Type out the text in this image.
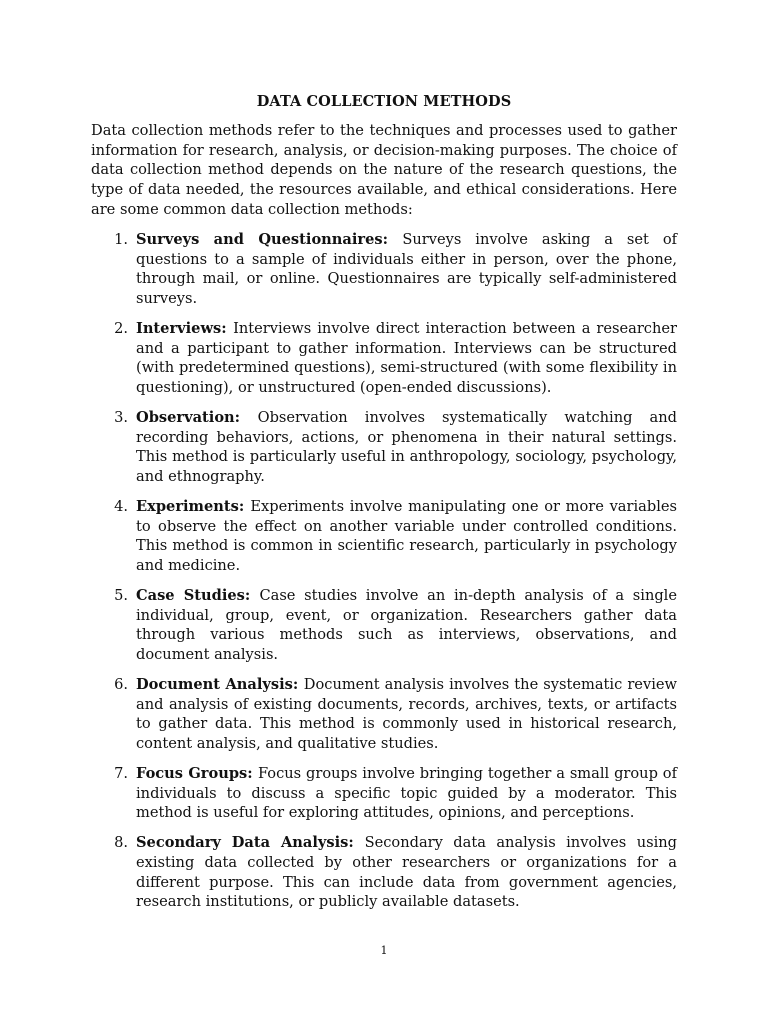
DATA COLLECTION METHODS

Data collection methods refer to the techniques and processes used to gather information for research, analysis, or decision-making purposes. The choice of data collection method depends on the nature of the research questions, the type of data needed, the resources available, and ethical considerations. Here are some common data collection methods:

1. Surveys and Questionnaires: Surveys involve asking a set of questions to a sample of individuals either in person, over the phone, through mail, or online. Questionnaires are typically self-administered surveys.
2. Interviews: Interviews involve direct interaction between a researcher and a participant to gather information. Interviews can be structured (with predetermined questions), semi-structured (with some flexibility in questioning), or unstructured (open-ended discussions).
3. Observation: Observation involves systematically watching and recording behaviors, actions, or phenomena in their natural settings. This method is particularly useful in anthropology, sociology, psychology, and ethnography.
4. Experiments: Experiments involve manipulating one or more variables to observe the effect on another variable under controlled conditions. This method is common in scientific research, particularly in psychology and medicine.
5. Case Studies: Case studies involve an in-depth analysis of a single individual, group, event, or organization. Researchers gather data through various methods such as interviews, observations, and document analysis.
6. Document Analysis: Document analysis involves the systematic review and analysis of existing documents, records, archives, texts, or artifacts to gather data. This method is commonly used in historical research, content analysis, and qualitative studies.
7. Focus Groups: Focus groups involve bringing together a small group of individuals to discuss a specific topic guided by a moderator. This method is useful for exploring attitudes, opinions, and perceptions.
8. Secondary Data Analysis: Secondary data analysis involves using existing data collected by other researchers or organizations for a different purpose. This can include data from government agencies, research institutions, or publicly available datasets.
1
